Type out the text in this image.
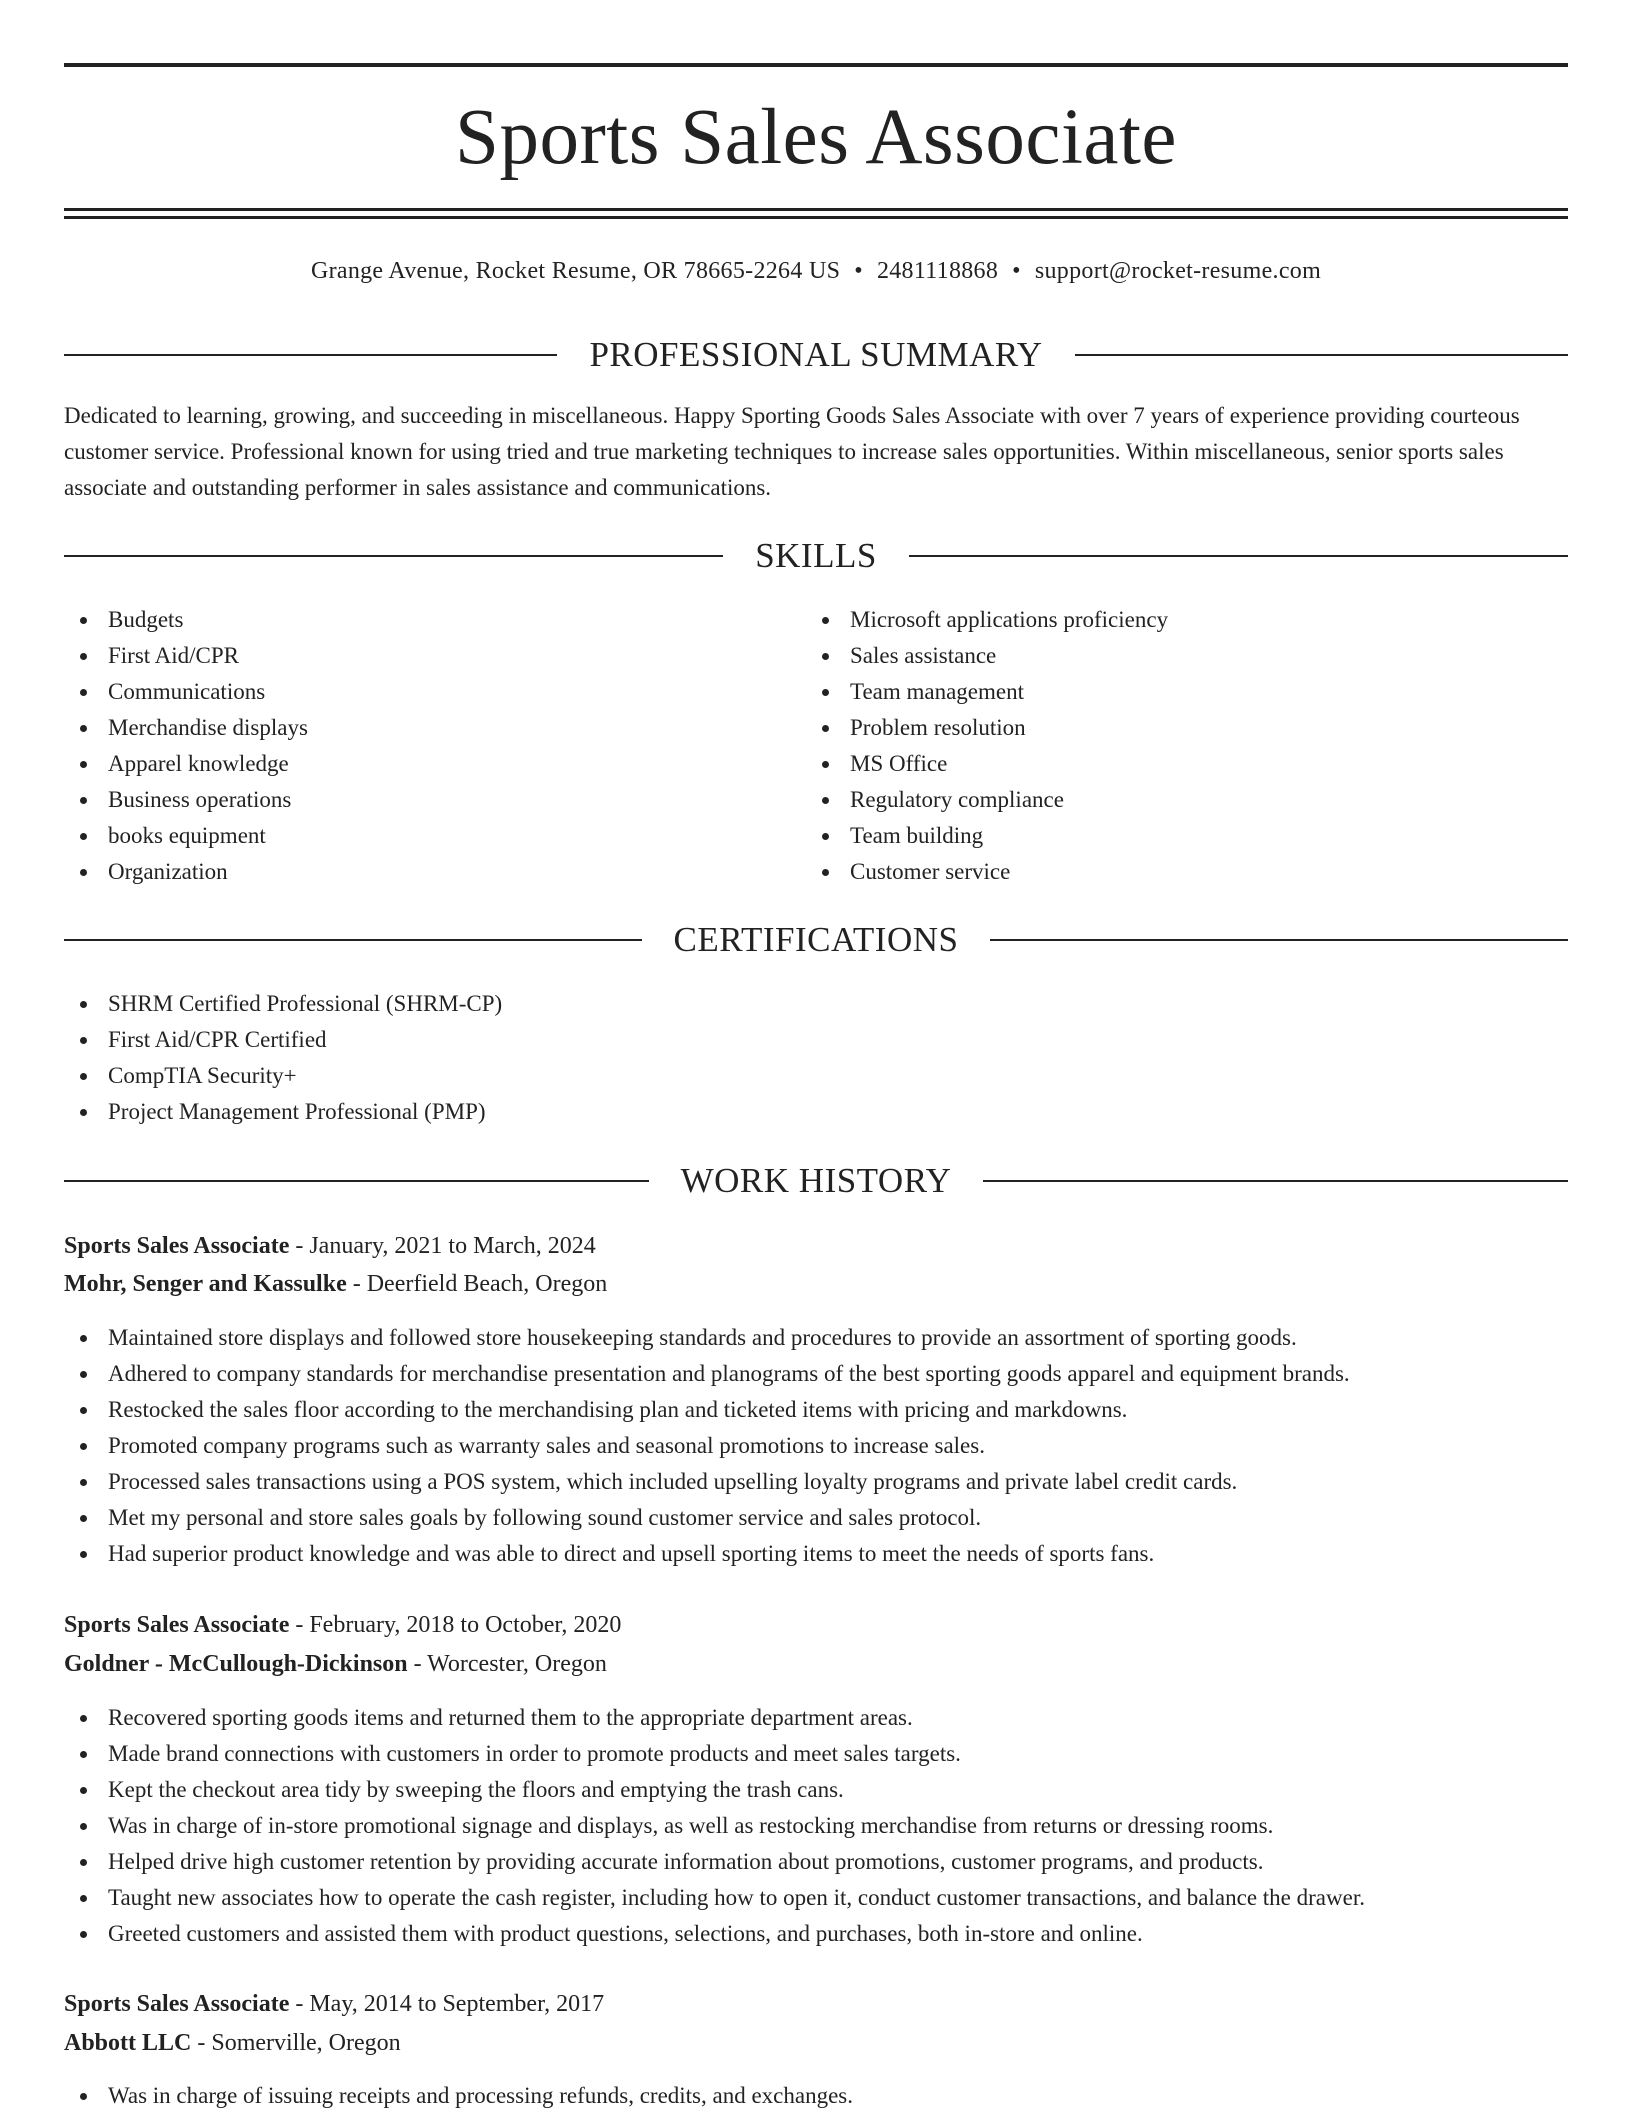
Sports Sales Associate
Grange Avenue, Rocket Resume, OR 78665-2264 US • 2481118868 • support@rocket-resume.com
PROFESSIONAL SUMMARY

Dedicated to learning, growing, and succeeding in miscellaneous. Happy Sporting Goods Sales Associate with over 7 years of experience providing courteous customer service. Professional known for using tried and true marketing techniques to increase sales opportunities. Within miscellaneous, senior sports sales associate and outstanding performer in sales assistance and communications.

SKILLS
Budgets
First Aid/CPR
Communications
Merchandise displays
Apparel knowledge
Business operations
books equipment
Organization
Microsoft applications proficiency
Sales assistance
Team management
Problem resolution
MS Office
Regulatory compliance
Team building
Customer service
CERTIFICATIONS
SHRM Certified Professional (SHRM-CP)
First Aid/CPR Certified
CompTIA Security+
Project Management Professional (PMP)
WORK HISTORY
Sports Sales Associate - January, 2021 to March, 2024
Mohr, Senger and Kassulke - Deerfield Beach, Oregon
Maintained store displays and followed store housekeeping standards and procedures to provide an assortment of sporting goods.
Adhered to company standards for merchandise presentation and planograms of the best sporting goods apparel and equipment brands.
Restocked the sales floor according to the merchandising plan and ticketed items with pricing and markdowns.
Promoted company programs such as warranty sales and seasonal promotions to increase sales.
Processed sales transactions using a POS system, which included upselling loyalty programs and private label credit cards.
Met my personal and store sales goals by following sound customer service and sales protocol.
Had superior product knowledge and was able to direct and upsell sporting items to meet the needs of sports fans.
Sports Sales Associate - February, 2018 to October, 2020
Goldner - McCullough-Dickinson - Worcester, Oregon
Recovered sporting goods items and returned them to the appropriate department areas.
Made brand connections with customers in order to promote products and meet sales targets.
Kept the checkout area tidy by sweeping the floors and emptying the trash cans.
Was in charge of in-store promotional signage and displays, as well as restocking merchandise from returns or dressing rooms.
Helped drive high customer retention by providing accurate information about promotions, customer programs, and products.
Taught new associates how to operate the cash register, including how to open it, conduct customer transactions, and balance the drawer.
Greeted customers and assisted them with product questions, selections, and purchases, both in-store and online.
Sports Sales Associate - May, 2014 to September, 2017
Abbott LLC - Somerville, Oregon
Was in charge of issuing receipts and processing refunds, credits, and exchanges.
